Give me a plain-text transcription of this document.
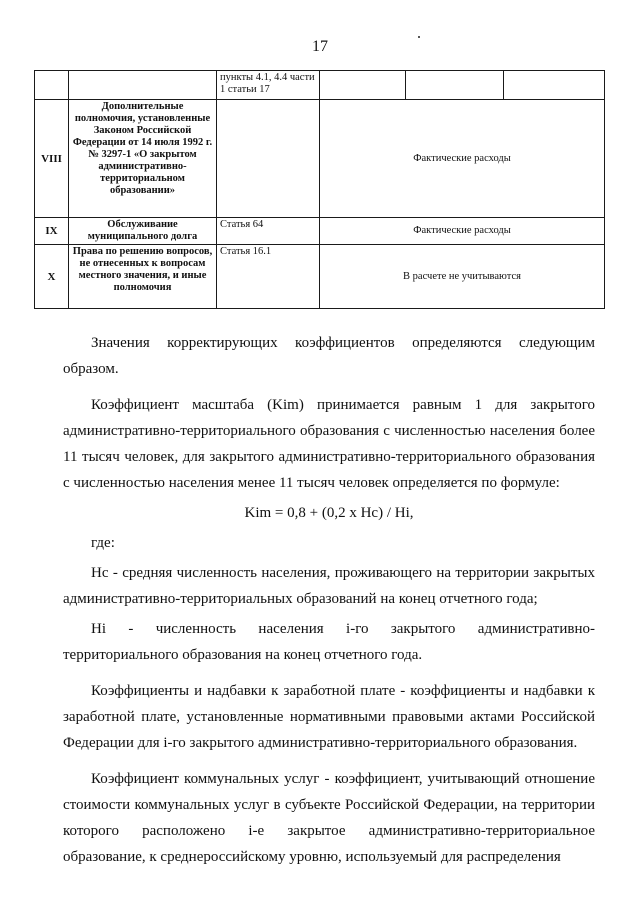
17
		пункты 4.1, 4.4 части 1 статьи 17			
VIII	Дополнительные полномочия, установленные Законом Российской Федерации от 14 июля 1992 г. № 3297-1 «О закрытом административно-территориальном образовании»		Фактические расходы		
IX	Обслуживание муниципального долга	Статья 64	Фактические расходы		
X	Права по решению вопросов, не отнесенных к вопросам местного значения, и иные полномочия	Статья 16.1	В расчете не учитываются		

Значения корректирующих коэффициентов определяются следующим образом.

Коэффициент масштаба (Kim) принимается равным 1 для закрытого административно-территориального образования с численностью населения более 11 тысяч человек, для закрытого административно-территориального образования с численностью населения менее 11 тысяч человек определяется по формуле:

Kim = 0,8 + (0,2 x Hc) / Hi,

где:

Hc - средняя численность населения, проживающего на территории закрытых административно-территориальных образований на конец отчетного года;

Hi - численность населения i-го закрытого административно-территориального образования на конец отчетного года.

Коэффициенты и надбавки к заработной плате - коэффициенты и надбавки к заработной плате, установленные нормативными правовыми актами Российской Федерации для i-го закрытого административно-территориального образования.

Коэффициент коммунальных услуг - коэффициент, учитывающий отношение стоимости коммунальных услуг в субъекте Российской Федерации, на территории которого расположено i-е закрытое административно-территориальное образование, к среднероссийскому уровню, используемый для распределения
